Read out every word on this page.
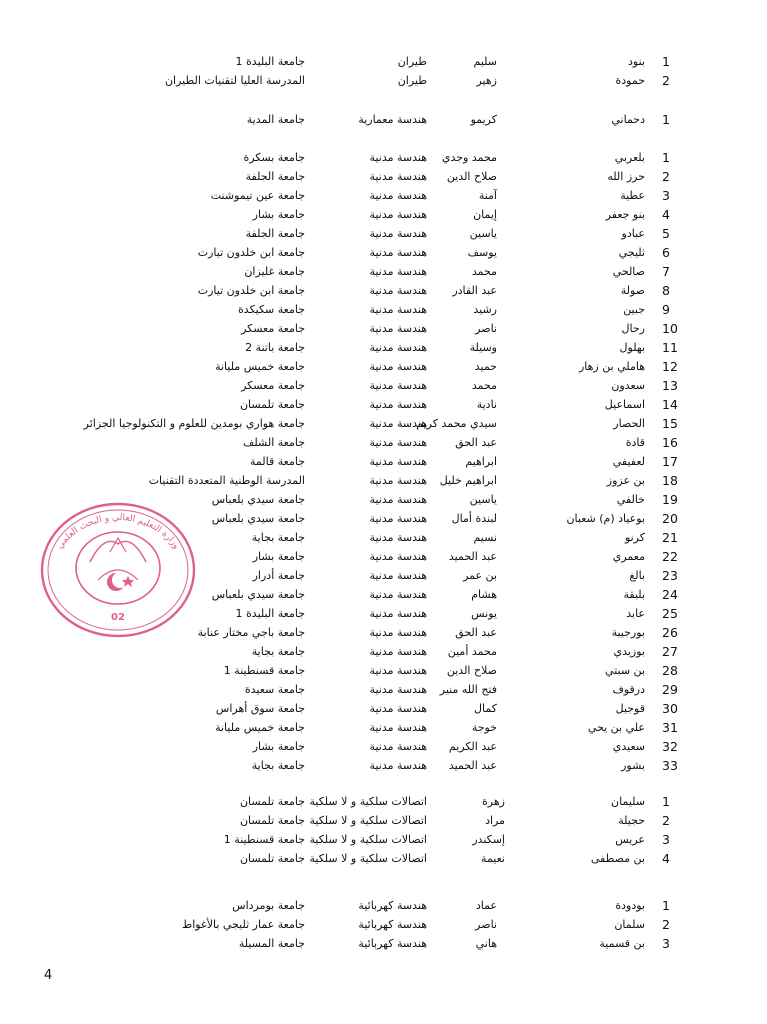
1
بنود
سليم
طيران
جامعة البليدة 1
2
حمودة
زهير
طيران
المدرسة العليا لتقنيات الطيران
1
دحماني
كريمو
هندسة معمارية
جامعة المدية
1
بلعربي
محمد وجدي
هندسة مدنية
جامعة بسكرة
2
حرز الله
صلاح الدين
هندسة مدنية
جامعة الجلفة
3
عطية
آمنة
هندسة مدنية
جامعة عين تيموشنت
4
بنو جعفر
إيمان
هندسة مدنية
جامعة بشار
5
عبادو
ياسين
هندسة مدنية
جامعة الجلفة
6
ثليجي
يوسف
هندسة مدنية
جامعة ابن خلدون تيارت
7
صالحي
محمد
هندسة مدنية
جامعة غليزان
8
صولة
عبد القادر
هندسة مدنية
جامعة ابن خلدون تيارت
9
جبين
رشيد
هندسة مدنية
جامعة سكيكدة
10
رحال
ناصر
هندسة مدنية
جامعة معسكر
11
بهلول
وسيلة
هندسة مدنية
جامعة باتنة 2
12
هاملي بن زهار
حميد
هندسة مدنية
جامعة خميس مليانة
13
سعدون
محمد
هندسة مدنية
جامعة معسكر
14
اسماعيل
نادية
هندسة مدنية
جامعة تلمسان
15
الحصار
سيدي محمد كريم
هندسة مدنية
جامعة هواري بومدين للعلوم و التكنولوجيا الجزائر
16
قادة
عبد الحق
هندسة مدنية
جامعة الشلف
17
لعفيفي
ابراهيم
هندسة مدنية
جامعة قالمة
18
بن عزوز
ابراهيم خليل
هندسة مدنية
المدرسة الوطنية المتعددة التقنيات
19
خالفي
ياسين
هندسة مدنية
جامعة سيدي بلعباس
20
بوعياد (م) شعبان
لبندة أمال
هندسة مدنية
جامعة سيدي بلعباس
21
كرنو
نسيم
هندسة مدنية
جامعة بجاية
22
معمري
عبد الحميد
هندسة مدنية
جامعة بشار
23
بالغ
بن عمر
هندسة مدنية
جامعة أدرار
24
بلبقة
هشام
هندسة مدنية
جامعة سيدي بلعباس
25
عابد
يونس
هندسة مدنية
جامعة البليدة 1
26
بورجيبة
عبد الحق
هندسة مدنية
جامعة باجي مختار عنابة
27
بوزيدي
محمد أمين
هندسة مدنية
جامعة بجاية
28
بن سبتي
صلاح الدين
هندسة مدنية
جامعة قسنطينة 1
29
درقوف
فتح الله منير
هندسة مدنية
جامعة سعيدة
30
قوجيل
كمال
هندسة مدنية
جامعة سوق أهراس
31
علي بن يحي
خوجة
هندسة مدنية
جامعة خميس مليانة
32
سعيدي
عبد الكريم
هندسة مدنية
جامعة بشار
33
بشور
عبد الحميد
هندسة مدنية
جامعة بجاية
1
سليمان
زهرة
اتصالات سلكية و لا سلكية
جامعة تلمسان
2
حجيلة
مراد
اتصالات سلكية و لا سلكية
جامعة تلمسان
3
عريس
إسكندر
اتصالات سلكية و لا سلكية
جامعة قسنطينة 1
4
بن مصطفى
نعيمة
اتصالات سلكية و لا سلكية
جامعة تلمسان
1
بودودة
عماد
هندسة كهربائية
جامعة بومرداس
2
سلمان
ناصر
هندسة كهربائية
جامعة عمار ثليجي بالأغواط
3
بن قسمية
هاني
هندسة كهربائية
جامعة المسيلة
02
وزارة التعليم العالي و البحث العلمي
4
